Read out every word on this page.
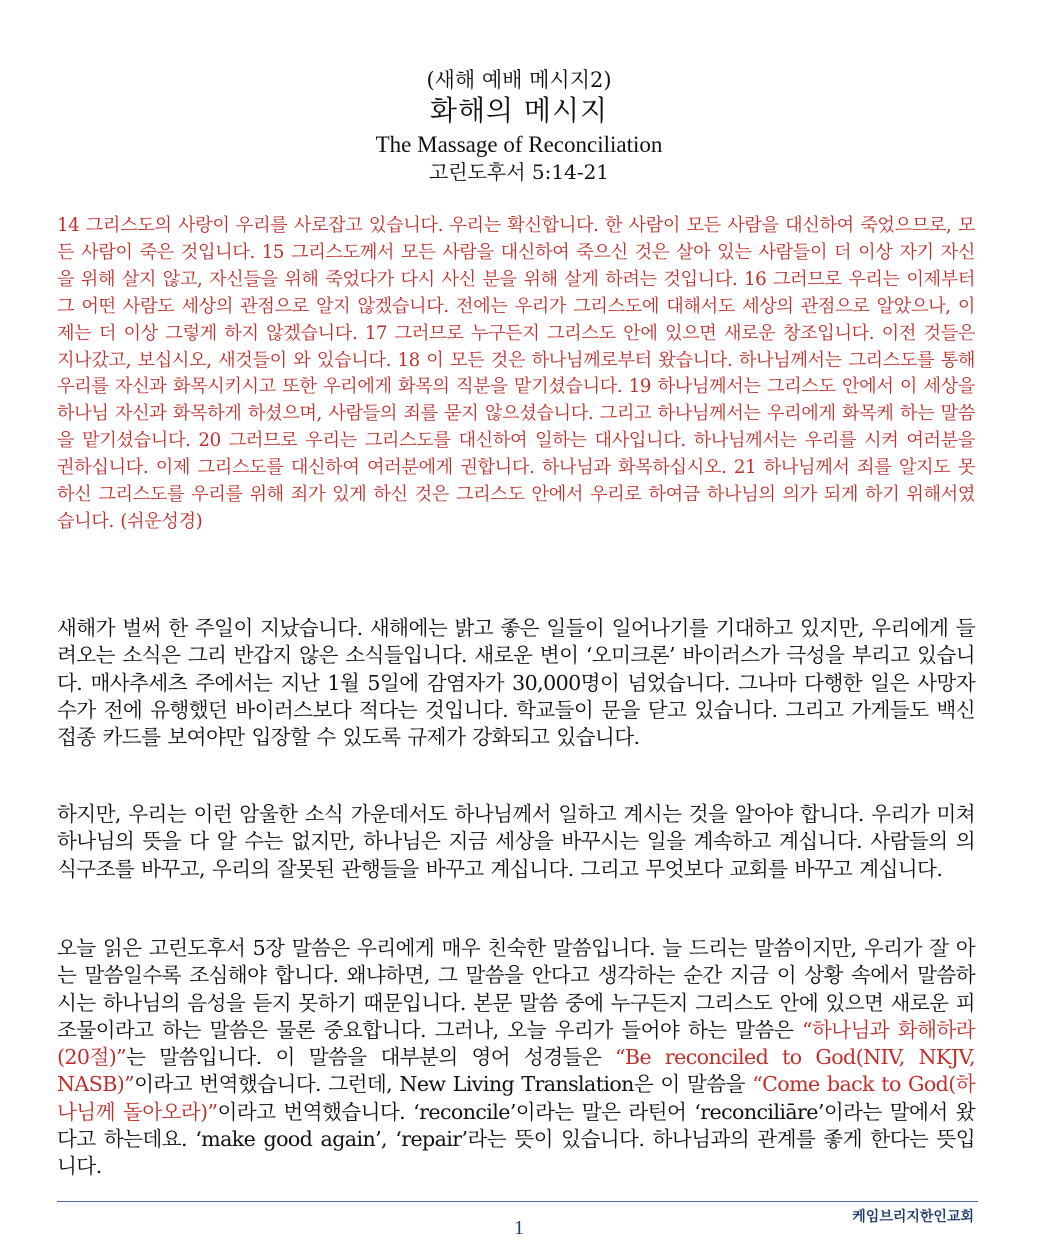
(새해 예배 메시지2)
화해의 메시지
The Massage of Reconciliation
고린도후서 5:14-21
14 그리스도의 사랑이 우리를 사로잡고 있습니다. 우리는 확신합니다. 한 사람이 모든 사람을 대신하여 죽었으므로, 모든 사람이 죽은 것입니다. 15 그리스도께서 모든 사람을 대신하여 죽으신 것은 살아 있는 사람들이 더 이상 자기 자신을 위해 살지 않고, 자신들을 위해 죽었다가 다시 사신 분을 위해 살게 하려는 것입니다. 16 그러므로 우리는 이제부터 그 어떤 사람도 세상의 관점으로 알지 않겠습니다. 전에는 우리가 그리스도에 대해서도 세상의 관점으로 알았으나, 이제는 더 이상 그렇게 하지 않겠습니다. 17 그러므로 누구든지 그리스도 안에 있으면 새로운 창조입니다. 이전 것들은 지나갔고, 보십시오, 새것들이 와 있습니다. 18 이 모든 것은 하나님께로부터 왔습니다. 하나님께서는 그리스도를 통해 우리를 자신과 화목시키시고 또한 우리에게 화목의 직분을 맡기셨습니다. 19 하나님께서는 그리스도 안에서 이 세상을 하나님 자신과 화목하게 하셨으며, 사람들의 죄를 묻지 않으셨습니다. 그리고 하나님께서는 우리에게 화목케 하는 말씀을 맡기셨습니다. 20 그러므로 우리는 그리스도를 대신하여 일하는 대사입니다. 하나님께서는 우리를 시켜 여러분을 권하십니다. 이제 그리스도를 대신하여 여러분에게 권합니다. 하나님과 화목하십시오. 21 하나님께서 죄를 알지도 못하신 그리스도를 우리를 위해 죄가 있게 하신 것은 그리스도 안에서 우리로 하여금 하나님의 의가 되게 하기 위해서였습니다. (쉬운성경)
새해가 벌써 한 주일이 지났습니다. 새해에는 밝고 좋은 일들이 일어나기를 기대하고 있지만, 우리에게 들려오는 소식은 그리 반갑지 않은 소식들입니다. 새로운 변이 ‘오미크론’ 바이러스가 극성을 부리고 있습니다. 매사추세츠 주에서는 지난 1월 5일에 감염자가 30,000명이 넘었습니다. 그나마 다행한 일은 사망자 수가 전에 유행했던 바이러스보다 적다는 것입니다. 학교들이 문을 닫고 있습니다. 그리고 가게들도 백신 접종 카드를 보여야만 입장할 수 있도록 규제가 강화되고 있습니다.
하지만, 우리는 이런 암울한 소식 가운데서도 하나님께서 일하고 계시는 것을 알아야 합니다. 우리가 미쳐 하나님의 뜻을 다 알 수는 없지만, 하나님은 지금 세상을 바꾸시는 일을 계속하고 계십니다. 사람들의 의식구조를 바꾸고, 우리의 잘못된 관행들을 바꾸고 계십니다. 그리고 무엇보다 교회를 바꾸고 계십니다.
오늘 읽은 고린도후서 5장 말씀은 우리에게 매우 친숙한 말씀입니다. 늘 드리는 말씀이지만, 우리가 잘 아는 말씀일수록 조심해야 합니다. 왜냐하면, 그 말씀을 안다고 생각하는 순간 지금 이 상황 속에서 말씀하시는 하나님의 음성을 듣지 못하기 때문입니다. 본문 말씀 중에 누구든지 그리스도 안에 있으면 새로운 피조물이라고 하는 말씀은 물론 중요합니다. 그러나, 오늘 우리가 들어야 하는 말씀은 “하나님과 화해하라(20절)”는 말씀입니다. 이 말씀을 대부분의 영어 성경들은 “Be reconciled to God(NIV, NKJV, NASB)”이라고 번역했습니다. 그런데, New Living Translation은 이 말씀을 “Come back to God(하나님께 돌아오라)”이라고 번역했습니다. ‘reconcile’이라는 말은 라틴어 ‘reconciliāre’이라는 말에서 왔다고 하는데요. ‘make good again’, ‘repair’라는 뜻이 있습니다. 하나님과의 관계를 좋게 한다는 뜻입니다.
케임브리지한인교회
1
